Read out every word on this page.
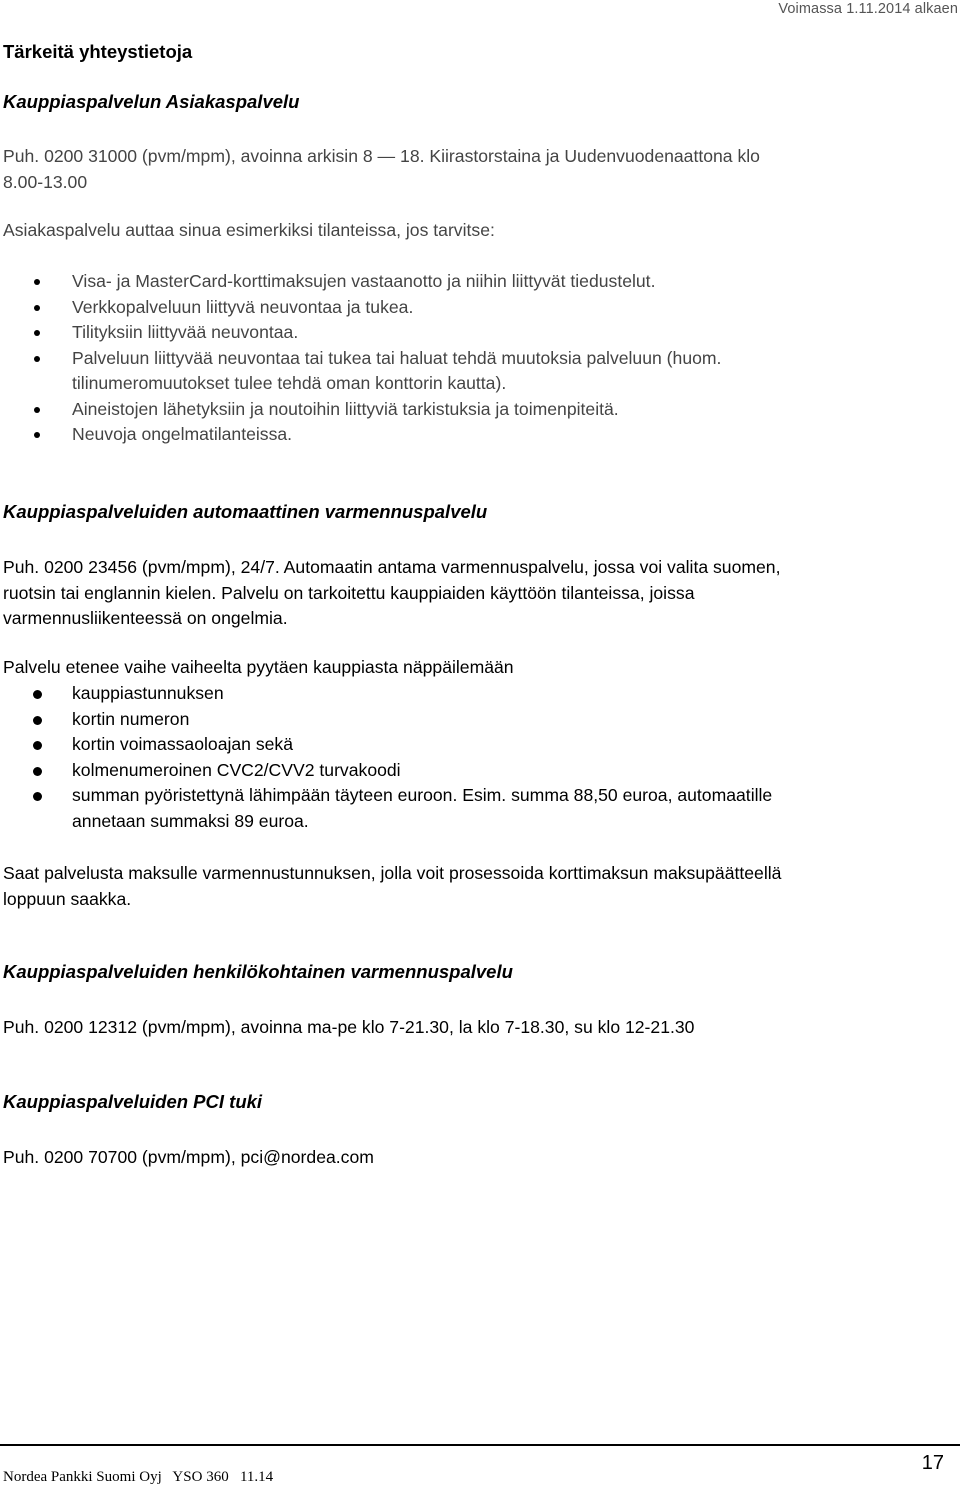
Voimassa 1.11.2014 alkaen
Tärkeitä yhteystietoja
Kauppiaspalvelun Asiakaspalvelu
Puh. 0200 31000 (pvm/mpm), avoinna arkisin 8 — 18. Kiirastorstaina ja Uudenvuodenaattona klo
8.00-13.00
Asiakaspalvelu auttaa sinua esimerkiksi tilanteissa, jos tarvitse:
Visa- ja MasterCard-korttimaksujen vastaanotto ja niihin liittyvät tiedustelut.
Verkkopalveluun liittyvä neuvontaa ja tukea.
Tilityksiin liittyvää neuvontaa.
Palveluun liittyvää neuvontaa tai tukea tai haluat tehdä muutoksia palveluun (huom.
tilinumeromuutokset tulee tehdä oman konttorin kautta).
Aineistojen lähetyksiin ja noutoihin liittyviä tarkistuksia ja toimenpiteitä.
Neuvoja ongelmatilanteissa.
Kauppiaspalveluiden automaattinen varmennuspalvelu
Puh. 0200 23456 (pvm/mpm), 24/7. Automaatin antama varmennuspalvelu, jossa voi valita suomen,
ruotsin tai englannin kielen. Palvelu on tarkoitettu kauppiaiden käyttöön tilanteissa, joissa
varmennusliikenteessä on ongelmia.
Palvelu etenee vaihe vaiheelta pyytäen kauppiasta näppäilemään
kauppiastunnuksen
kortin numeron
kortin voimassaoloajan sekä
kolmenumeroinen CVC2/CVV2 turvakoodi
summan pyöristettynä lähimpään täyteen euroon. Esim. summa 88,50 euroa, automaatille
annetaan summaksi 89 euroa.
Saat palvelusta maksulle varmennustunnuksen, jolla voit prosessoida korttimaksun maksupäätteellä
loppuun saakka.
Kauppiaspalveluiden henkilökohtainen varmennuspalvelu
Puh. 0200 12312 (pvm/mpm), avoinna ma-pe klo 7-21.30, la klo 7-18.30, su klo 12-21.30
Kauppiaspalveluiden PCI tuki
Puh. 0200 70700 (pvm/mpm), pci@nordea.com
Nordea Pankki Suomi Oyj   YSO 360   11.14
17
